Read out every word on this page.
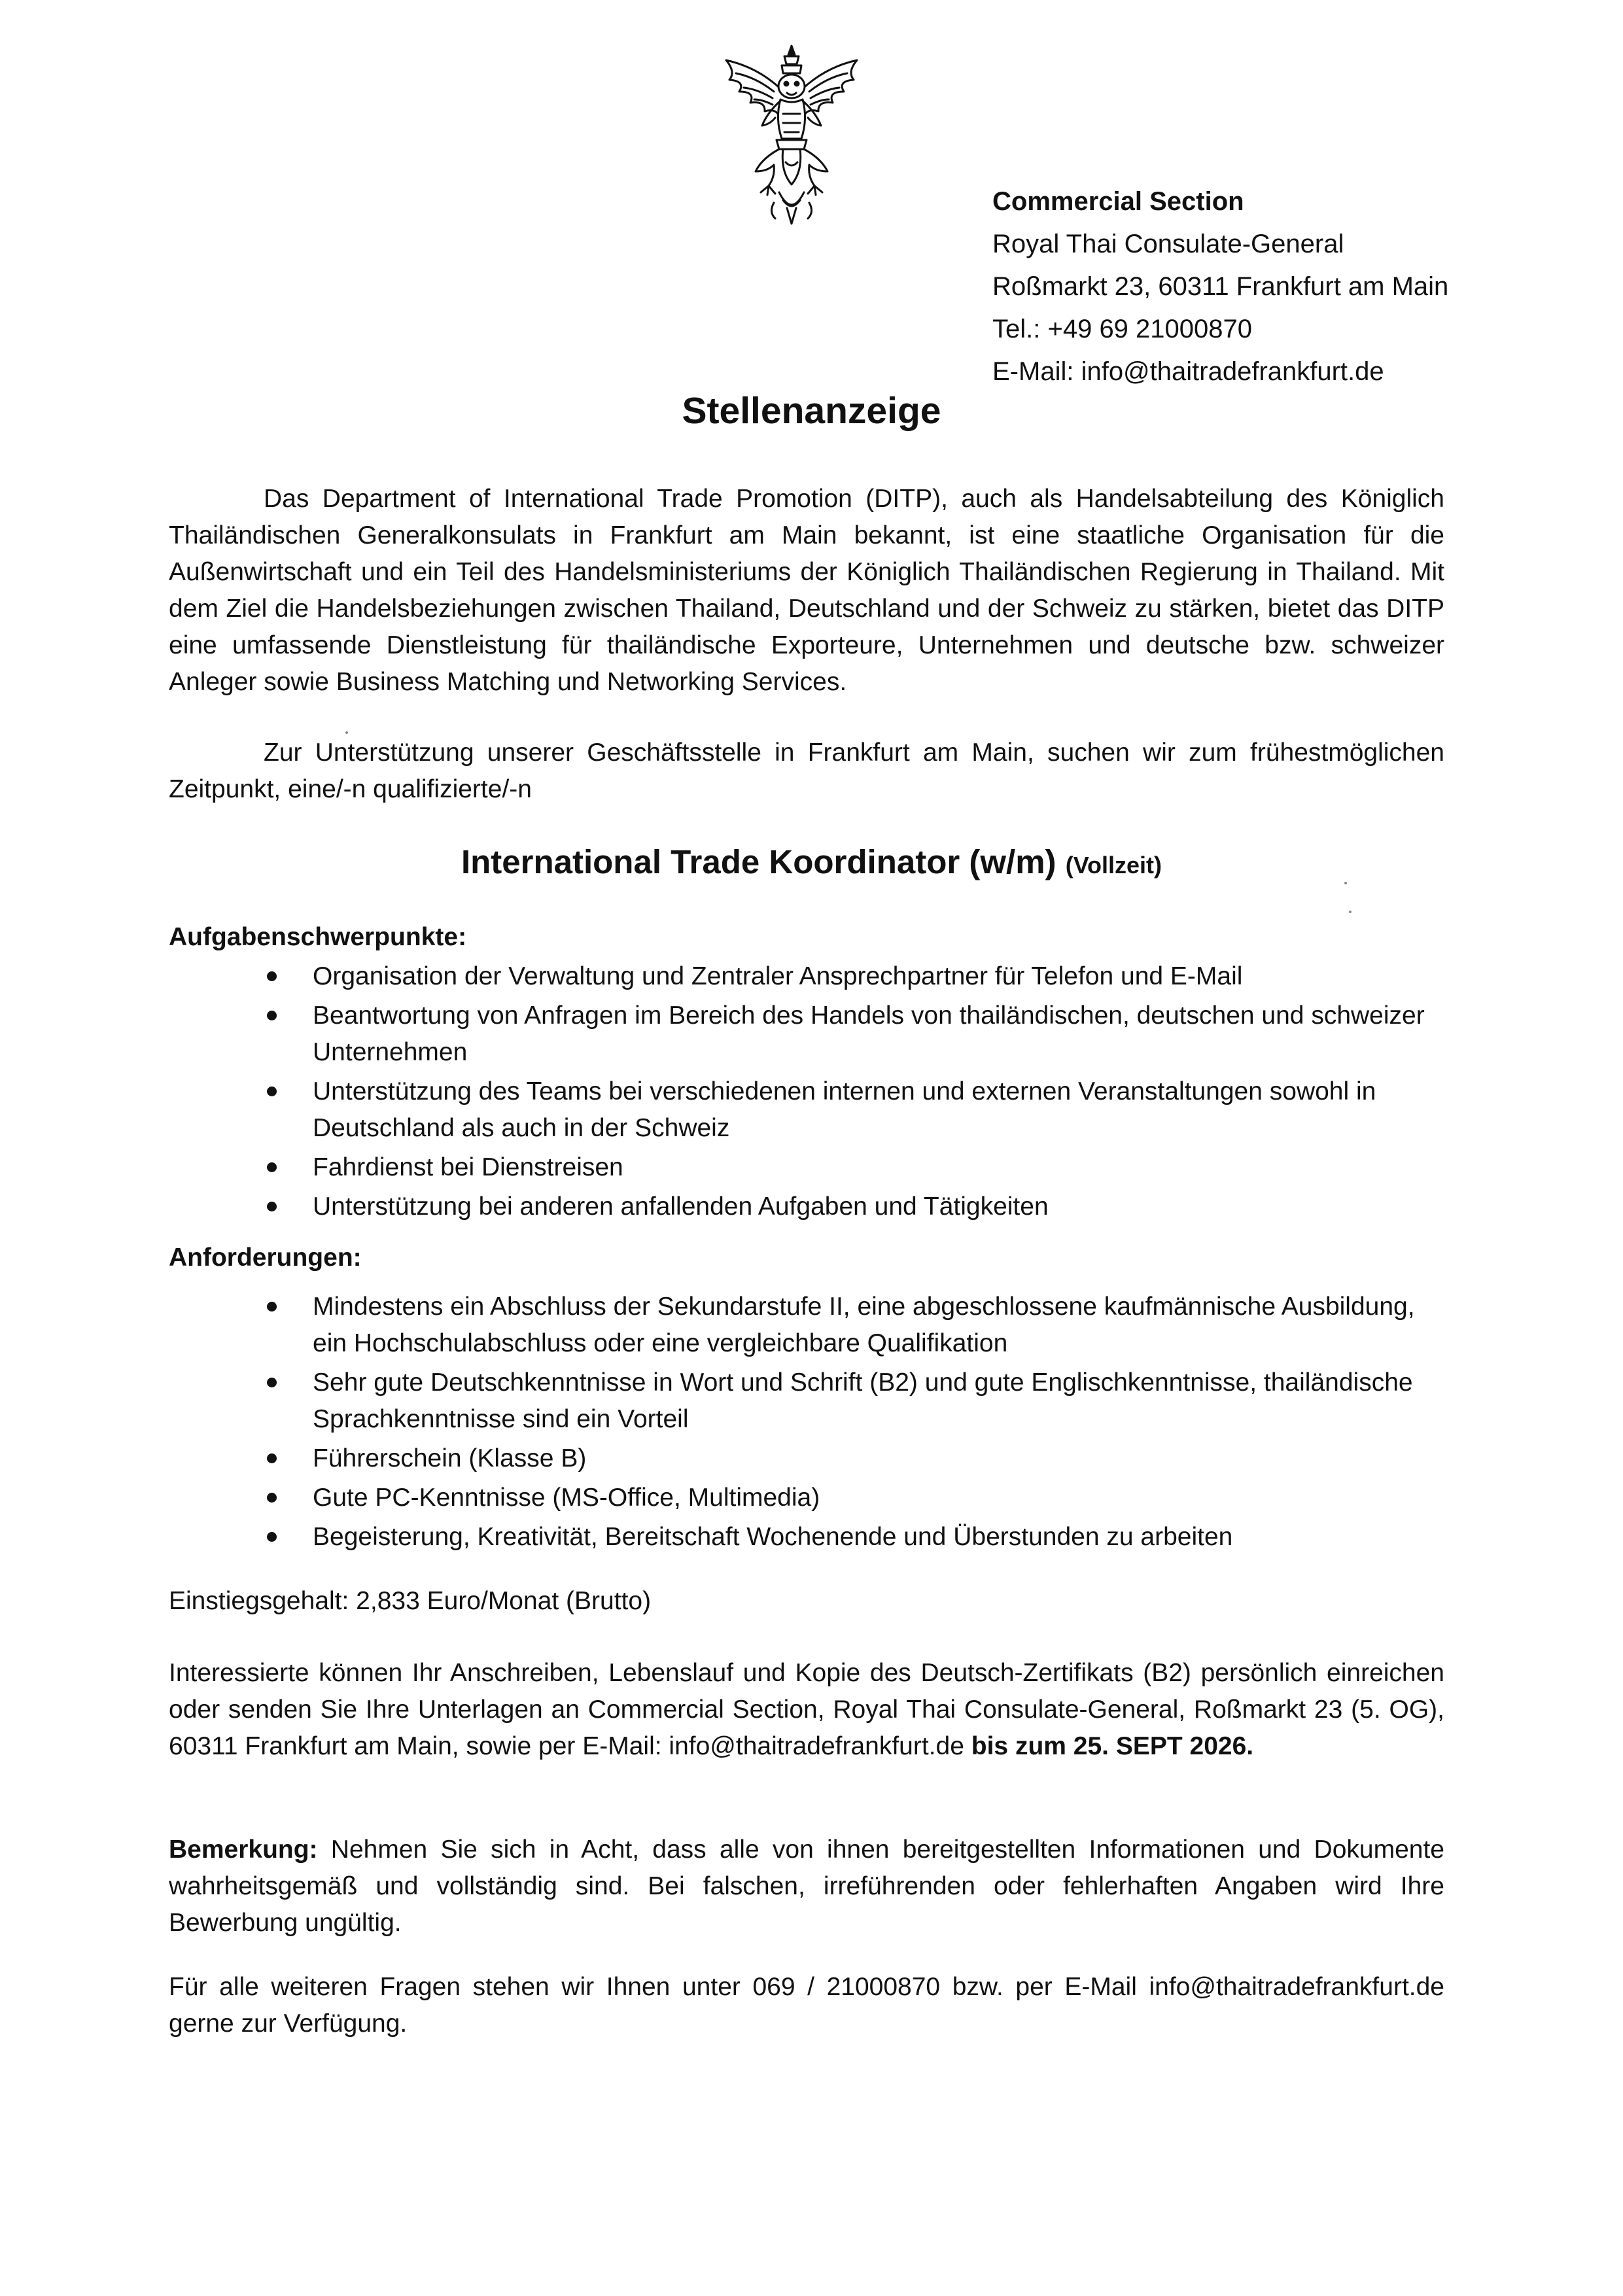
Commercial Section
Royal Thai Consulate-General
Roßmarkt 23, 60311 Frankfurt am Main
Tel.: +49 69 21000870
E-Mail: info@thaitradefrankfurt.de
Stellenanzeige
Das Department of International Trade Promotion (DITP), auch als Handelsabteilung des Königlich Thailändischen Generalkonsulats in Frankfurt am Main bekannt, ist eine staatliche Organisation für die Außenwirtschaft und ein Teil des Handelsministeriums der Königlich Thailändischen Regierung in Thailand. Mit dem Ziel die Handelsbeziehungen zwischen Thailand, Deutschland und der Schweiz zu stärken, bietet das DITP eine umfassende Dienstleistung für thailändische Exporteure, Unternehmen und deutsche bzw. schweizer Anleger sowie Business Matching und Networking Services.
Zur Unterstützung unserer Geschäftsstelle in Frankfurt am Main, suchen wir zum frühestmöglichen Zeitpunkt, eine/-n qualifizierte/-n
International Trade Koordinator (w/m) (Vollzeit)
Aufgabenschwerpunkte:
Organisation der Verwaltung und Zentraler Ansprechpartner für Telefon und E-Mail
Beantwortung von Anfragen im Bereich des Handels von thailändischen, deutschen und schweizer Unternehmen
Unterstützung des Teams bei verschiedenen internen und externen Veranstaltungen sowohl in Deutschland als auch in der Schweiz
Fahrdienst bei Dienstreisen
Unterstützung bei anderen anfallenden Aufgaben und Tätigkeiten
Anforderungen:
Mindestens ein Abschluss der Sekundarstufe II, eine abgeschlossene kaufmännische Ausbildung, ein Hochschulabschluss oder eine vergleichbare Qualifikation
Sehr gute Deutschkenntnisse in Wort und Schrift (B2) und gute Englischkenntnisse, thailändische Sprachkenntnisse sind ein Vorteil
Führerschein (Klasse B)
Gute PC-Kenntnisse (MS-Office, Multimedia)
Begeisterung, Kreativität, Bereitschaft Wochenende und Überstunden zu arbeiten
Einstiegsgehalt: 2,833 Euro/Monat (Brutto)
Interessierte können Ihr Anschreiben, Lebenslauf und Kopie des Deutsch-Zertifikats (B2) persönlich einreichen oder senden Sie Ihre Unterlagen an Commercial Section, Royal Thai Consulate-General, Roßmarkt 23 (5. OG), 60311 Frankfurt am Main, sowie per E-Mail: info@thaitradefrankfurt.de bis zum 25. SEPT 2026.
Bemerkung: Nehmen Sie sich in Acht, dass alle von ihnen bereitgestellten Informationen und Dokumente wahrheitsgemäß und vollständig sind. Bei falschen, irreführenden oder fehlerhaften Angaben wird Ihre Bewerbung ungültig.
Für alle weiteren Fragen stehen wir Ihnen unter 069 / 21000870 bzw. per E-Mail info@thaitradefrankfurt.de gerne zur Verfügung.
